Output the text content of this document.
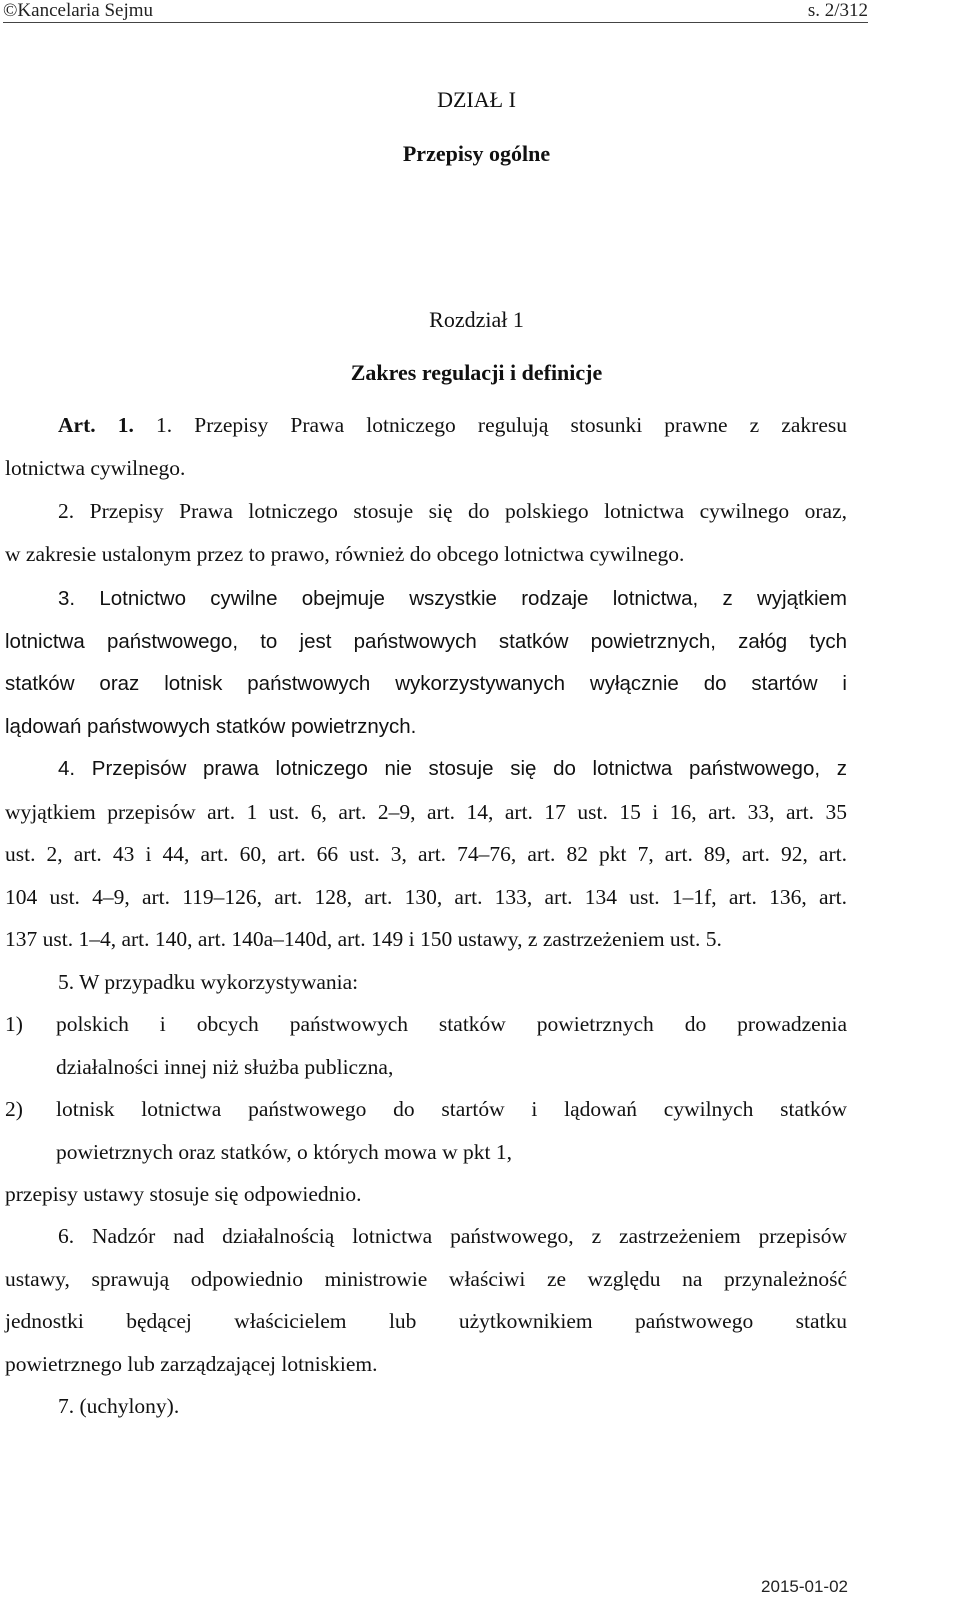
©Kancelaria Sejmu	s. 2/312
DZIAŁ I
Przepisy ogólne
Rozdział 1
Zakres regulacji i definicje
Art. 1. 1. Przepisy Prawa lotniczego regulują stosunki prawne z zakresu
lotnictwa cywilnego.
2. Przepisy Prawa lotniczego stosuje się do polskiego lotnictwa cywilnego oraz,
w zakresie ustalonym przez to prawo, również do obcego lotnictwa cywilnego.
3. Lotnictwo cywilne obejmuje wszystkie rodzaje lotnictwa, z wyjątkiem
lotnictwa państwowego, to jest państwowych statków powietrznych, załóg tych
statków oraz lotnisk państwowych wykorzystywanych wyłącznie do startów i
lądowań państwowych statków powietrznych.
4. Przepisów prawa lotniczego nie stosuje się do lotnictwa państwowego, z
wyjątkiem przepisów art. 1 ust. 6, art. 2–9, art. 14, art. 17 ust. 15 i 16, art. 33, art. 35
ust. 2, art. 43 i 44, art. 60, art. 66 ust. 3, art. 74–76, art. 82 pkt 7, art. 89, art. 92, art.
104 ust. 4–9, art. 119–126, art. 128, art. 130, art. 133, art. 134 ust. 1–1f, art. 136, art.
137 ust. 1–4, art. 140, art. 140a–140d, art. 149 i 150 ustawy, z zastrzeżeniem ust. 5.
5. W przypadku wykorzystywania:
1) polskich i obcych państwowych statków powietrznych do prowadzenia
działalności innej niż służba publiczna,
2) lotnisk lotnictwa państwowego do startów i lądowań cywilnych statków
powietrznych oraz statków, o których mowa w pkt 1,
przepisy ustawy stosuje się odpowiednio.
6. Nadzór nad działalnością lotnictwa państwowego, z zastrzeżeniem przepisów
ustawy, sprawują odpowiednio ministrowie właściwi ze względu na przynależność
jednostki będącej właścicielem lub użytkownikiem państwowego statku
powietrznego lub zarządzającej lotniskiem.
7. (uchylony).
2015-01-02
